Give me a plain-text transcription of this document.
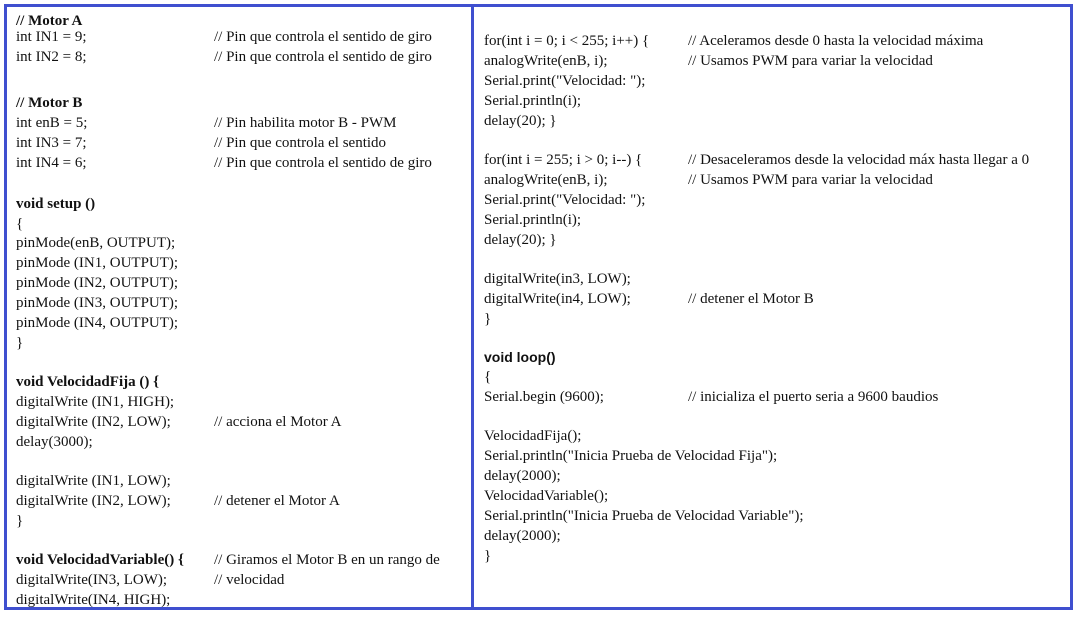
// Motor A
int IN1 = 9;	// Pin que controla el sentido de giro
int IN2 = 8;	// Pin que controla el sentido de giro
// Motor B
int enB = 5;	// Pin habilita motor B - PWM
int IN3 = 7;	// Pin que controla el sentido
int IN4 = 6;	// Pin que controla el sentido de giro
void setup ()
{
pinMode(enB, OUTPUT);
pinMode (IN1, OUTPUT);
pinMode (IN2, OUTPUT);
pinMode (IN3, OUTPUT);
pinMode (IN4, OUTPUT);
}
void VelocidadFija () {
digitalWrite (IN1, HIGH);
digitalWrite (IN2, LOW);	// acciona el Motor A
delay(3000);
digitalWrite (IN1, LOW);
digitalWrite (IN2, LOW);	// detener el Motor A
}
void VelocidadVariable() { // Giramos el Motor B en un rango de
digitalWrite(IN3, LOW);	// velocidad
digitalWrite(IN4, HIGH);
for(int i = 0; i < 255; i++) {	// Aceleramos desde 0 hasta la velocidad máxima
analogWrite(enB, i);	// Usamos PWM para variar la velocidad
Serial.print("Velocidad: ");
Serial.println(i);
delay(20); }
for(int i = 255; i > 0; i--) {	// Desaceleramos desde la velocidad máx hasta llegar a 0
analogWrite(enB, i);	// Usamos PWM para variar la velocidad
Serial.print("Velocidad: ");
Serial.println(i);
delay(20); }
digitalWrite(in3, LOW);
digitalWrite(in4, LOW);	// detener el Motor B
}
void loop()
{
Serial.begin (9600);	// inicializa el puerto seria a 9600 baudios
VelocidadFija();
Serial.println("Inicia Prueba de Velocidad Fija");
delay(2000);
VelocidadVariable();
Serial.println("Inicia Prueba de Velocidad Variable");
delay(2000);
}
